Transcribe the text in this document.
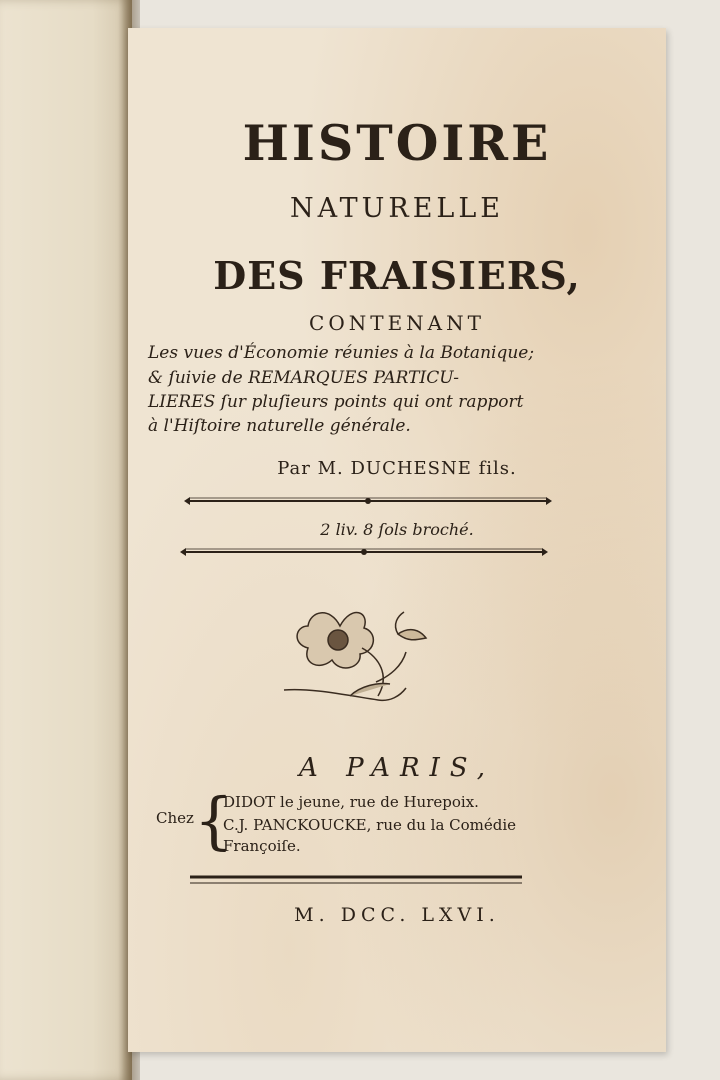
HISTOIRE
NATURELLE
DES FRAISIERS,
CONTENANT
Les vues d'Économie réunies à la Botanique;
& ſuivie de REMARQUES PARTICU-
LIERES ſur pluſieurs points qui ont rapport
à l'Hiſtoire naturelle générale.
Par M. DUCHESNE fils.
2 liv. 8 ſols broché.
A PARIS,
Chez {
DIDOT le jeune, rue de Hurepoix.
C.J. PANCKOUCKE, rue du la Comédie
Françoiſe.
M. DCC. LXVI.
